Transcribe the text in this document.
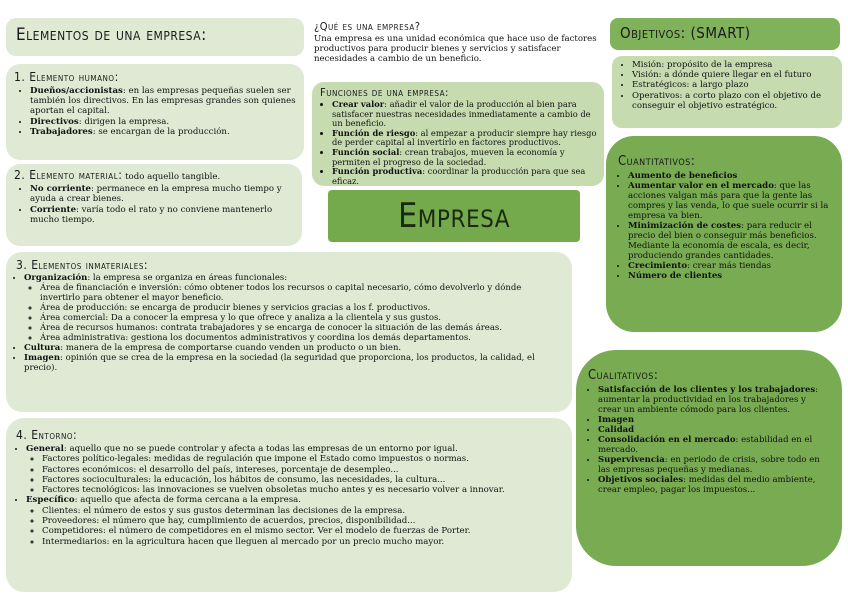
Elementos de una empresa:	¿Qué es una empresa?
Una empresa es una unidad económica que hace uso de factores productivos para producir bienes y servicios y satisfacer necesidades a cambio de un beneficio.
Objetivos: (SMART)
1. Elemento humano:
• Dueños/accionistas: en las empresas pequeñas suelen ser también los directivos. En las empresas grandes son quienes aportan el capital.
• Directivos: dirigen la empresa.
• Trabajadores: se encargan de la producción.
Funciones de una empresa:
• Crear valor: añadir el valor de la producción al bien para satisfacer nuestras necesidades inmediatamente a cambio de un beneficio.
• Función de riesgo: al empezar a producir siempre hay riesgo de perder capital al invertirlo en factores productivos.
• Función social: crean trabajos, mueven la economía y permiten el progreso de la sociedad.
• Función productiva: coordinar la producción para que sea eficaz.
• Misión: propósito de la empresa
• Visión: a dónde quiere llegar en el futuro
• Estratégicos: a largo plazo
• Operativos: a corto plazo con el objetivo de conseguir el objetivo estratégico.
2. Elemento material: todo aquello tangible.
• No corriente: permanece en la empresa mucho tiempo y ayuda a crear bienes.
• Corriente: varía todo el rato y no conviene mantenerlo mucho tiempo.	Empresa
Cuantitativos:
• Aumento de beneficios
• Aumentar valor en el mercado: que las acciones valgan más para que la gente las compres y las venda, lo que suele ocurrir si la empresa va bien.
• Minimización de costes: para reducir el precio del bien o conseguir más beneficios. Mediante la economía de escala, es decir, produciendo grandes cantidades.
• Crecimiento: crear más tiendas
• Número de clientes
3. Elementos inmateriales:
• Organización: la empresa se organiza en áreas funcionales:
◦ Área de financiación e inversión: cómo obtener todos los recursos o capital necesario, cómo devolverlo y dónde invertirlo para obtener el mayor beneficio.
◦ Área de producción: se encarga de producir bienes y servicios gracias a los f. productivos.
◦ Área comercial: Da a conocer la empresa y lo que ofrece y analiza a la clientela y sus gustos.
◦ Área de recursos humanos: contrata trabajadores y se encarga de conocer la situación de las demás áreas.
◦ Área administrativa: gestiona los documentos administrativos y coordina los demás departamentos.
• Cultura: manera de la empresa de comportarse cuando venden un producto o un bien.
• Imagen: opinión que se crea de la empresa en la sociedad (la seguridad que proporciona, los productos, la calidad, el precio).	Cualitativos:
• Satisfacción de los clientes y los trabajadores: aumentar la productividad en los trabajadores y crear un ambiente cómodo para los clientes.
• Imagen
• Calidad
• Consolidación en el mercado: estabilidad en el mercado.
• Supervivencia: en periodo de crisis, sobre todo en las empresas pequeñas y medianas.
• Objetivos sociales: medidas del medio ambiente, crear empleo, pagar los impuestos...
4. Entorno:
• General: aquello que no se puede controlar y afecta a todas las empresas de un entorno por igual.
◦ Factores político-legales: medidas de regulación que impone el Estado como impuestos o normas.
◦ Factores económicos: el desarrollo del país, intereses, porcentaje de desempleo...
◦ Factores socioculturales: la educación, los hábitos de consumo, las necesidades, la cultura...
◦ Factores tecnológicos: las innovaciones se vuelven obsoletas mucho antes y es necesario volver a innovar.
• Específico: aquello que afecta de forma cercana a la empresa.
◦ Clientes: el número de estos y sus gustos determinan las decisiones de la empresa.
◦ Proveedores: el número que hay, cumplimiento de acuerdos, precios, disponibilidad...
◦ Competidores: el número de competidores en el mismo sector. Ver el modelo de fuerzas de Porter.
◦ Intermediarios: en la agricultura hacen que lleguen al mercado por un precio mucho mayor.
